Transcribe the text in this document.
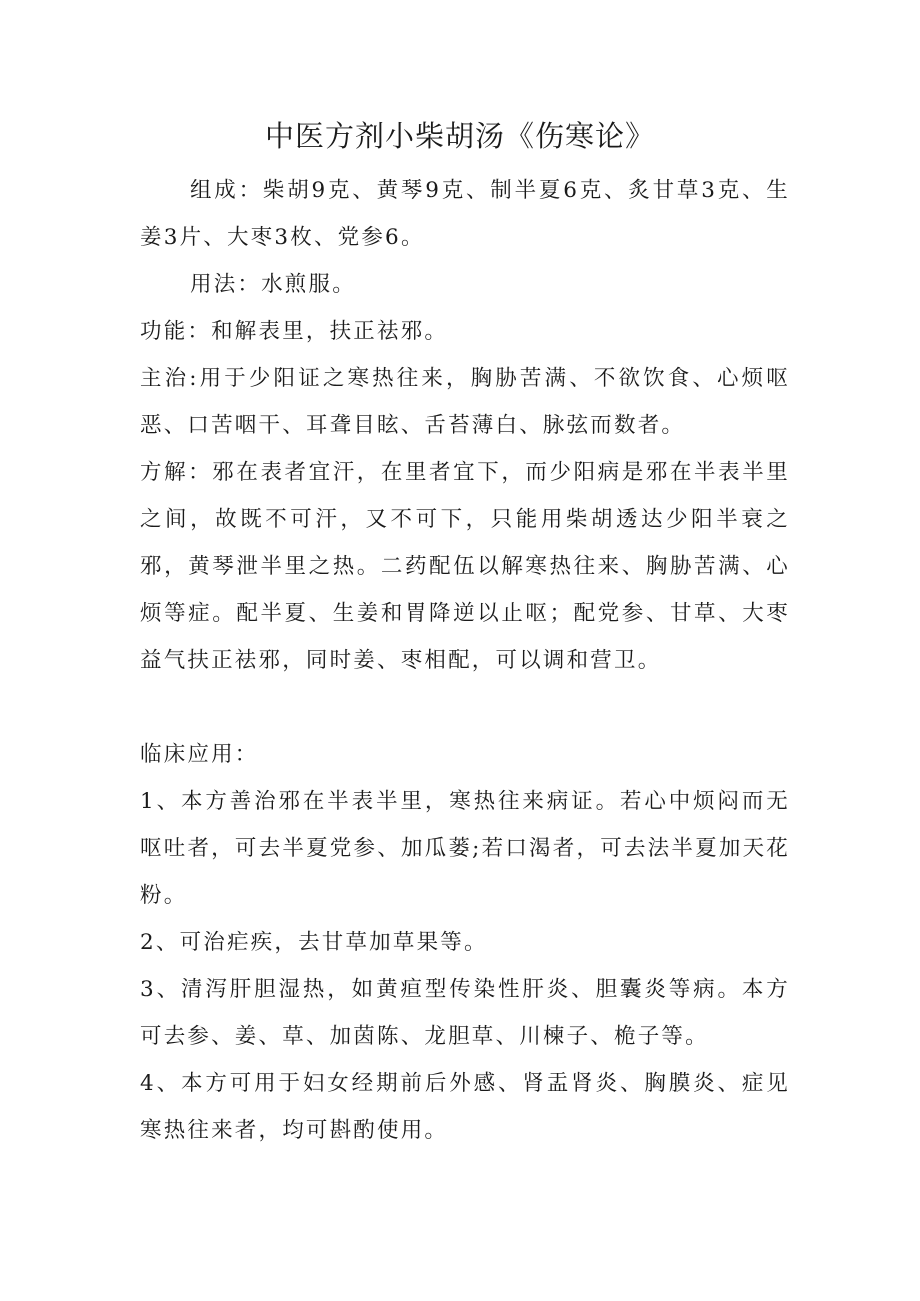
中医方剂小柴胡汤《伤寒论》

组成：柴胡9克、黄琴9克、制半夏6克、炙甘草3克、生姜3片、大枣3枚、党参6。

用法：水煎服。

功能：和解表里，扶正祛邪。

主治:用于少阳证之寒热往来，胸胁苦满、不欲饮食、心烦呕恶、口苦咽干、耳聋目眩、舌苔薄白、脉弦而数者。

方解：邪在表者宜汗，在里者宜下，而少阳病是邪在半表半里之间，故既不可汗，又不可下，只能用柴胡透达少阳半衰之邪，黄琴泄半里之热。二药配伍以解寒热往来、胸胁苦满、心烦等症。配半夏、生姜和胃降逆以止呕；配党参、甘草、大枣益气扶正祛邪，同时姜、枣相配，可以调和营卫。

临床应用：

1、本方善治邪在半表半里，寒热往来病证。若心中烦闷而无呕吐者，可去半夏党参、加瓜蒌;若口渴者，可去法半夏加天花粉。

2、可治疟疾，去甘草加草果等。

3、清泻肝胆湿热，如黄疸型传染性肝炎、胆囊炎等病。本方可去参、姜、草、加茵陈、龙胆草、川楝子、桅子等。

4、本方可用于妇女经期前后外感、肾盂肾炎、胸膜炎、症见寒热往来者，均可斟酌使用。
